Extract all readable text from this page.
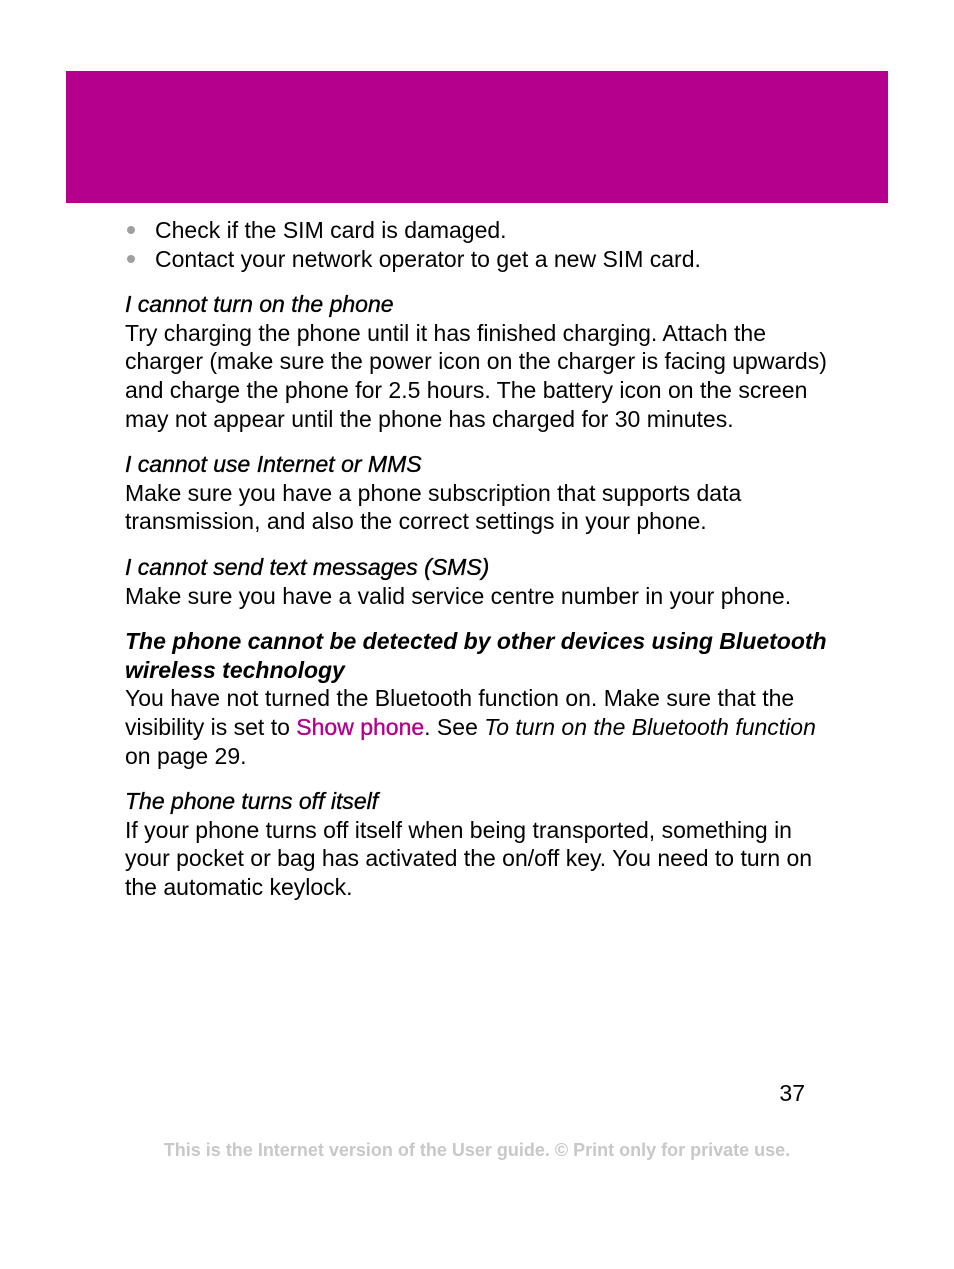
Check if the SIM card is damaged.
Contact your network operator to get a new SIM card.
I cannot turn on the phone

Try charging the phone until it has finished charging. Attach the charger (make sure the power icon on the charger is facing upwards) and charge the phone for 2.5 hours. The battery icon on the screen may not appear until the phone has charged for 30 minutes.

I cannot use Internet or MMS

Make sure you have a phone subscription that supports data transmission, and also the correct settings in your phone.

I cannot send text messages (SMS)

Make sure you have a valid service centre number in your phone.

The phone cannot be detected by other devices using Bluetooth wireless technology

You have not turned the Bluetooth function on. Make sure that the visibility is set to Show phone. See To turn on the Bluetooth function on page 29.

The phone turns off itself

If your phone turns off itself when being transported, something in your pocket or bag has activated the on/off key. You need to turn on the automatic keylock.

37
This is the Internet version of the User guide. © Print only for private use.
